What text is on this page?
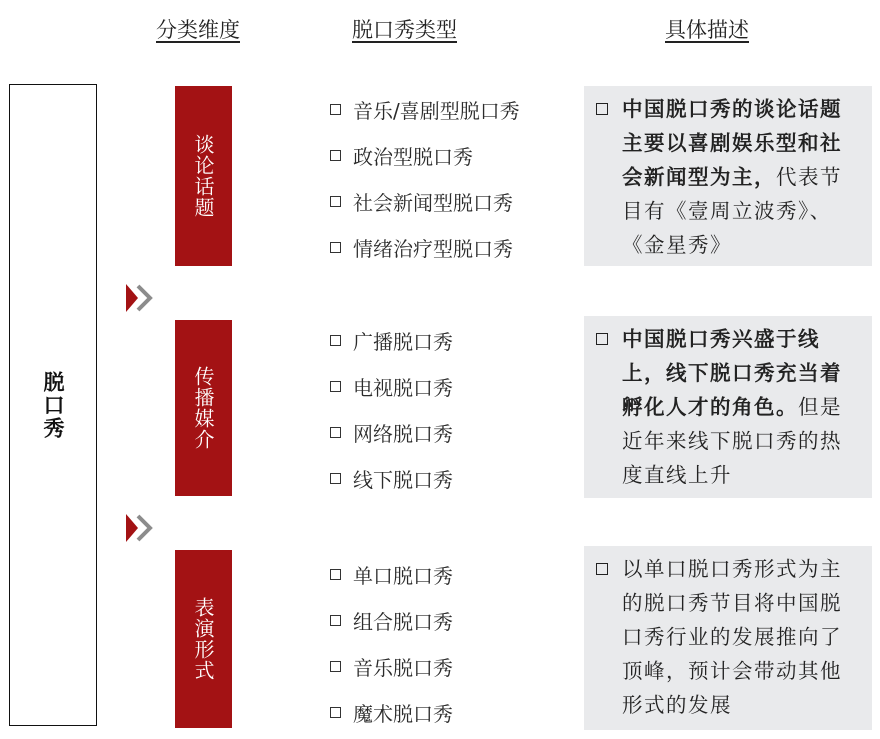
分类维度	脱口秀类型	具体描述
脱口秀
谈论话题
音乐/喜剧型脱口秀
政治型脱口秀
社会新闻型脱口秀
情绪治疗型脱口秀
中国脱口秀的谈论话题主要以喜剧娱乐型和社会新闻型为主，代表节目有《壹周立波秀》、《金星秀》
传播媒介
广播脱口秀
电视脱口秀
网络脱口秀
线下脱口秀
中国脱口秀兴盛于线上，线下脱口秀充当着孵化人才的角色。但是近年来线下脱口秀的热度直线上升
表演形式
单口脱口秀
组合脱口秀
音乐脱口秀
魔术脱口秀
以单口脱口秀形式为主的脱口秀节目将中国脱口秀行业的发展推向了顶峰，预计会带动其他形式的发展
